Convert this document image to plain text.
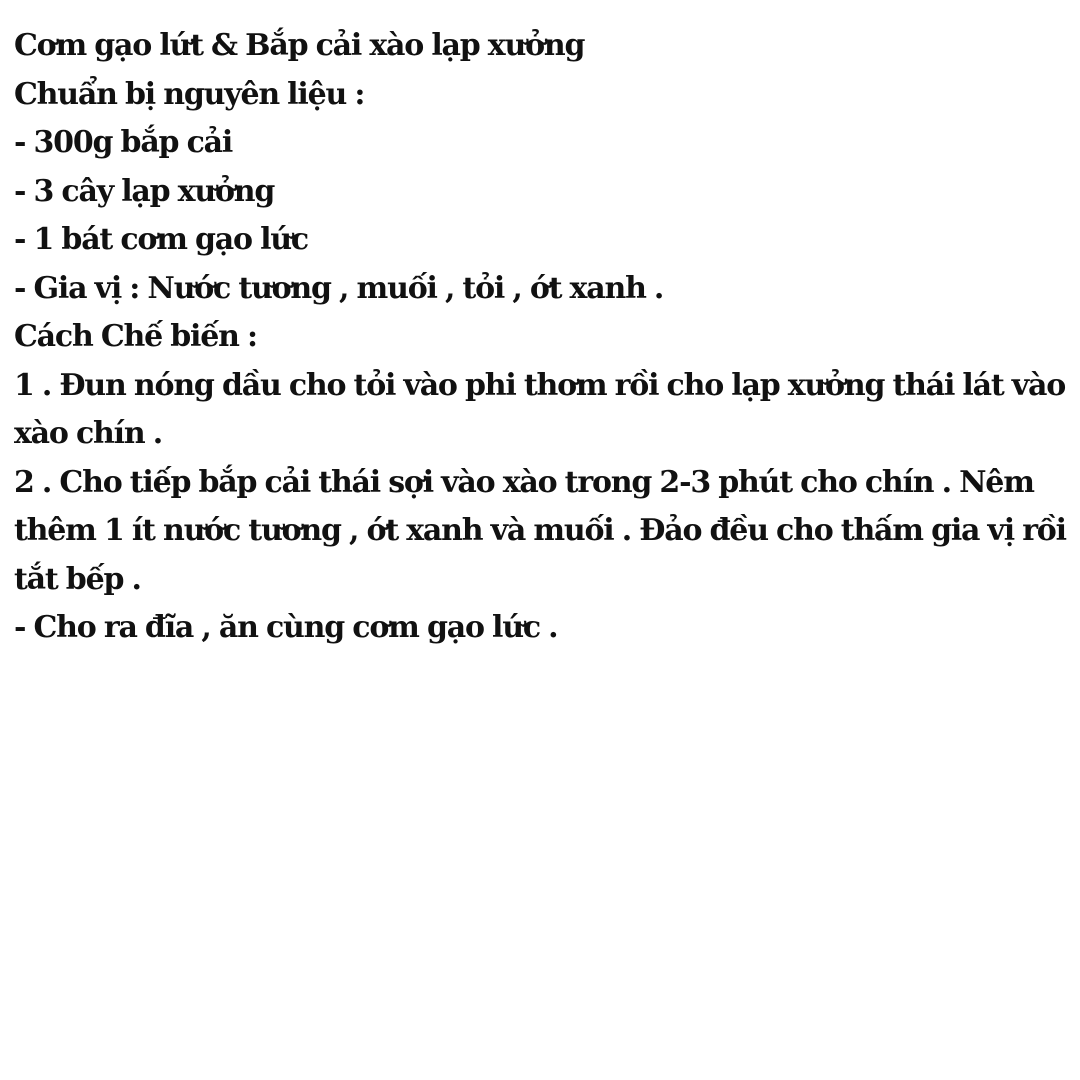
Cơm gạo lứt & Bắp cải xào lạp xưởng
Chuẩn bị nguyên liệu :
- 300g bắp cải
- 3 cây lạp xưởng
- 1 bát cơm gạo lức
- Gia vị : Nước tương , muối , tỏi , ớt xanh .
Cách Chế biến :
1 . Đun nóng dầu cho tỏi vào phi thơm rồi cho lạp xưởng thái lát vào xào chín .
2 . Cho tiếp bắp cải thái sợi vào xào trong 2-3 phút cho chín . Nêm thêm 1 ít nước tương , ớt xanh và muối . Đảo đều cho thấm gia vị rồi tắt bếp .
- Cho ra đĩa , ăn cùng cơm gạo lức .
